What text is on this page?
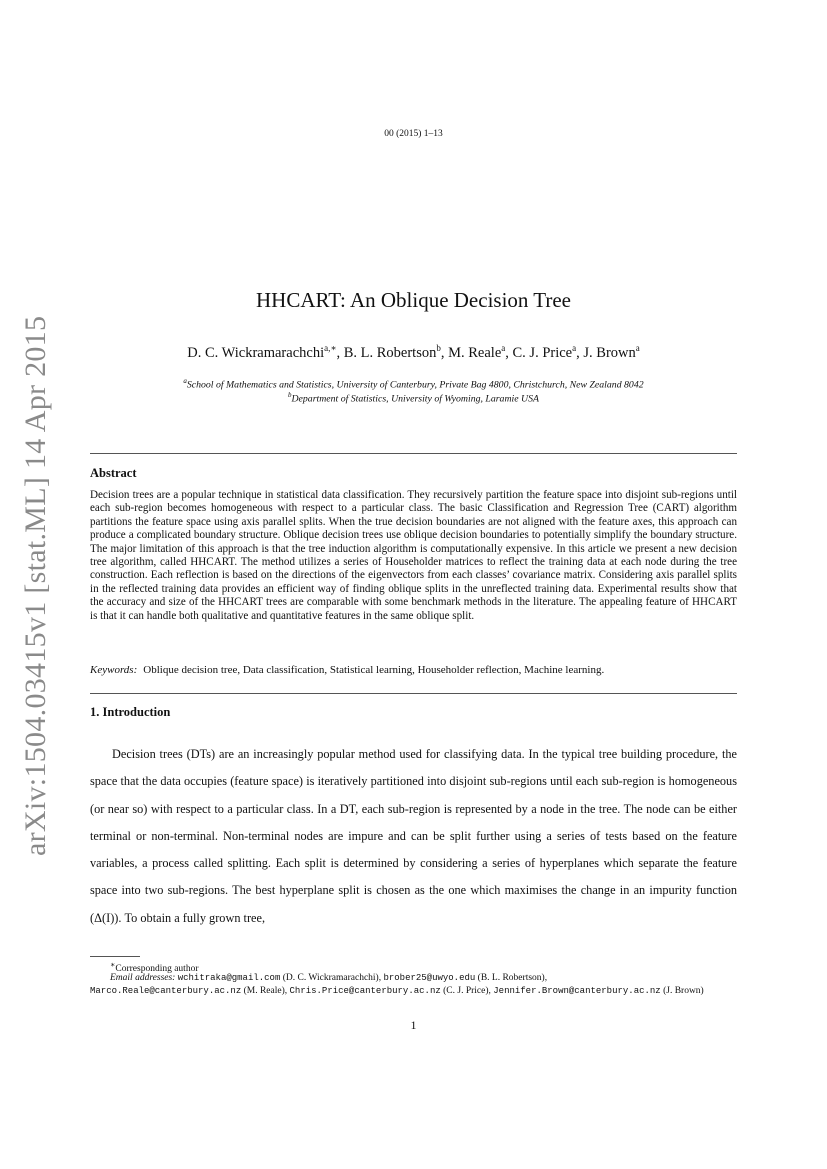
00 (2015) 1–13
arXiv:1504.03415v1 [stat.ML] 14 Apr 2015
HHCART: An Oblique Decision Tree
D. C. Wickramarachchi$^{a,∗}$, B. L. Robertson$^b$, M. Reale$^a$, C. J. Price$^a$, J. Brown$^a$
$^a$School of Mathematics and Statistics, University of Canterbury, Private Bag 4800, Christchurch, New Zealand 8042
$^b$Department of Statistics, University of Wyoming, Laramie USA
Abstract
Decision trees are a popular technique in statistical data classification. They recursively partition the feature space into disjoint sub-regions until each sub-region becomes homogeneous with respect to a particular class. The basic Classification and Regression Tree (CART) algorithm partitions the feature space using axis parallel splits. When the true decision boundaries are not aligned with the feature axes, this approach can produce a complicated boundary structure. Oblique decision trees use oblique decision boundaries to potentially simplify the boundary structure. The major limitation of this approach is that the tree induction algorithm is computationally expensive. In this article we present a new decision tree algorithm, called HHCART. The method utilizes a series of Householder matrices to reflect the training data at each node during the tree construction. Each reflection is based on the directions of the eigenvectors from each classes’ covariance matrix. Considering axis parallel splits in the reflected training data provides an efficient way of finding oblique splits in the unreflected training data. Experimental results show that the accuracy and size of the HHCART trees are comparable with some benchmark methods in the literature. The appealing feature of HHCART is that it can handle both qualitative and quantitative features in the same oblique split.
Keywords: Oblique decision tree, Data classification, Statistical learning, Householder reflection, Machine learning.
1. Introduction
Decision trees (DTs) are an increasingly popular method used for classifying data. In the typical tree building procedure, the space that the data occupies (feature space) is iteratively partitioned into disjoint sub-regions until each sub-region is homogeneous (or near so) with respect to a particular class. In a DT, each sub-region is represented by a node in the tree. The node can be either terminal or non-terminal. Non-terminal nodes are impure and can be split further using a series of tests based on the feature variables, a process called splitting. Each split is determined by considering a series of hyperplanes which separate the feature space into two sub-regions. The best hyperplane split is chosen as the one which maximises the change in an impurity function (Δ(I)). To obtain a fully grown tree,
∗Corresponding author
Email addresses: wchitraka@gmail.com (D. C. Wickramarachchi), brober25@uwyo.edu (B. L. Robertson),
Marco.Reale@canterbury.ac.nz (M. Reale), Chris.Price@canterbury.ac.nz (C. J. Price), Jennifer.Brown@canterbury.ac.nz (J. Brown)
1
